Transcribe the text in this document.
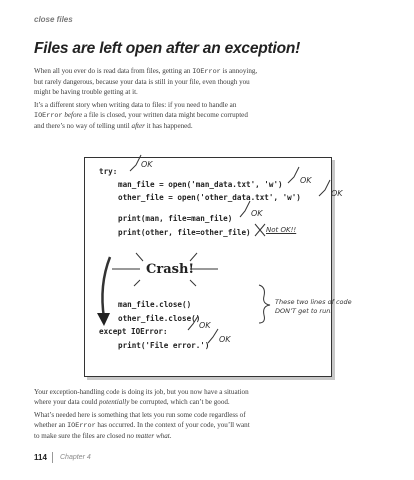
close files
Files are left open after an exception!
When all you ever do is read data from files, getting an IOError is annoying,
but rarely dangerous, because your data is still in your file, even though you
might be having trouble getting at it.
It’s a different story when writing data to files: if you need to handle an
IOError before a file is closed, your written data might become corrupted
and there’s no way of telling until after it has happened.
try:
man_file = open('man_data.txt', 'w')
other_file = open('other_data.txt', 'w')
print(man, file=man_file)
print(other, file=other_file)
man_file.close()
other_file.close()
except IOError:
print('File error.')
OK
OK
OK
OK
Not OK!!
OK
OK
Crash!
These two lines of code
DON’T get to run.
Your exception-handling code is doing its job, but you now have a situation
where your data could potentially be corrupted, which can’t be good.
What’s needed here is something that lets you run some code regardless of
whether an IOError has occurred. In the context of your code, you’ll want
to make sure the files are closed no matter what.
114 Chapter 4
